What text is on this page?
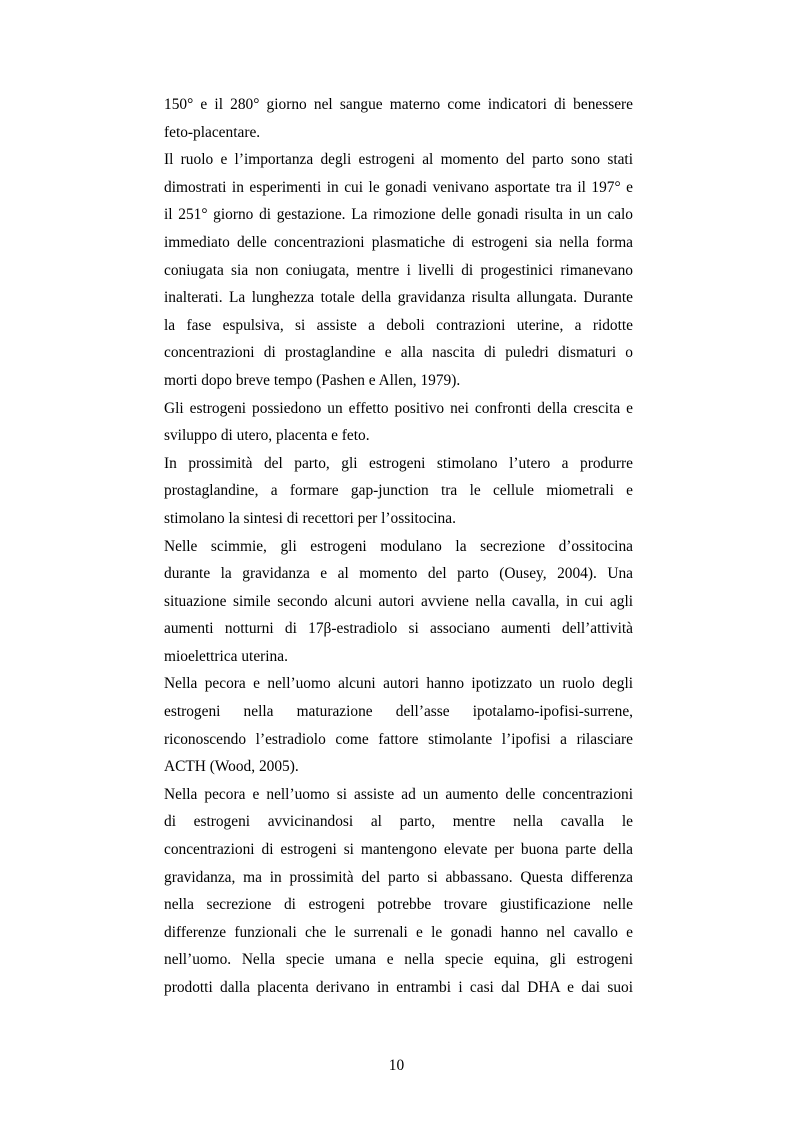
150° e il 280° giorno nel sangue materno come indicatori di benessere
feto-placentare.

Il ruolo e l’importanza degli estrogeni al momento del parto sono stati
dimostrati in esperimenti in cui le gonadi venivano asportate tra il 197° e
il 251° giorno di gestazione. La rimozione delle gonadi risulta in un calo
immediato delle concentrazioni plasmatiche di estrogeni sia nella forma
coniugata sia non coniugata, mentre i livelli di progestinici rimanevano
inalterati. La lunghezza totale della gravidanza risulta allungata. Durante
la fase espulsiva, si assiste a deboli contrazioni uterine, a ridotte
concentrazioni di prostaglandine e alla nascita di puledri dismaturi o
morti dopo breve tempo (Pashen e Allen, 1979).

Gli estrogeni possiedono un effetto positivo nei confronti della crescita e
sviluppo di utero, placenta e feto.

In prossimità del parto, gli estrogeni stimolano l’utero a produrre
prostaglandine, a formare gap-junction tra le cellule miometrali e
stimolano la sintesi di recettori per l’ossitocina.

Nelle scimmie, gli estrogeni modulano la secrezione d’ossitocina
durante la gravidanza e al momento del parto (Ousey, 2004). Una
situazione simile secondo alcuni autori avviene nella cavalla, in cui agli
aumenti notturni di 17β-estradiolo si associano aumenti dell’attività
mioelettrica uterina.

Nella pecora e nell’uomo alcuni autori hanno ipotizzato un ruolo degli
estrogeni nella maturazione dell’asse ipotalamo-ipofisi-surrene,
riconoscendo l’estradiolo come fattore stimolante l’ipofisi a rilasciare
ACTH (Wood, 2005).

Nella pecora e nell’uomo si assiste ad un aumento delle concentrazioni
di estrogeni avvicinandosi al parto, mentre nella cavalla le
concentrazioni di estrogeni si mantengono elevate per buona parte della
gravidanza, ma in prossimità del parto si abbassano. Questa differenza
nella secrezione di estrogeni potrebbe trovare giustificazione nelle
differenze funzionali che le surrenali e le gonadi hanno nel cavallo e
nell’uomo. Nella specie umana e nella specie equina, gli estrogeni
prodotti dalla placenta derivano in entrambi i casi dal DHA e dai suoi

10
